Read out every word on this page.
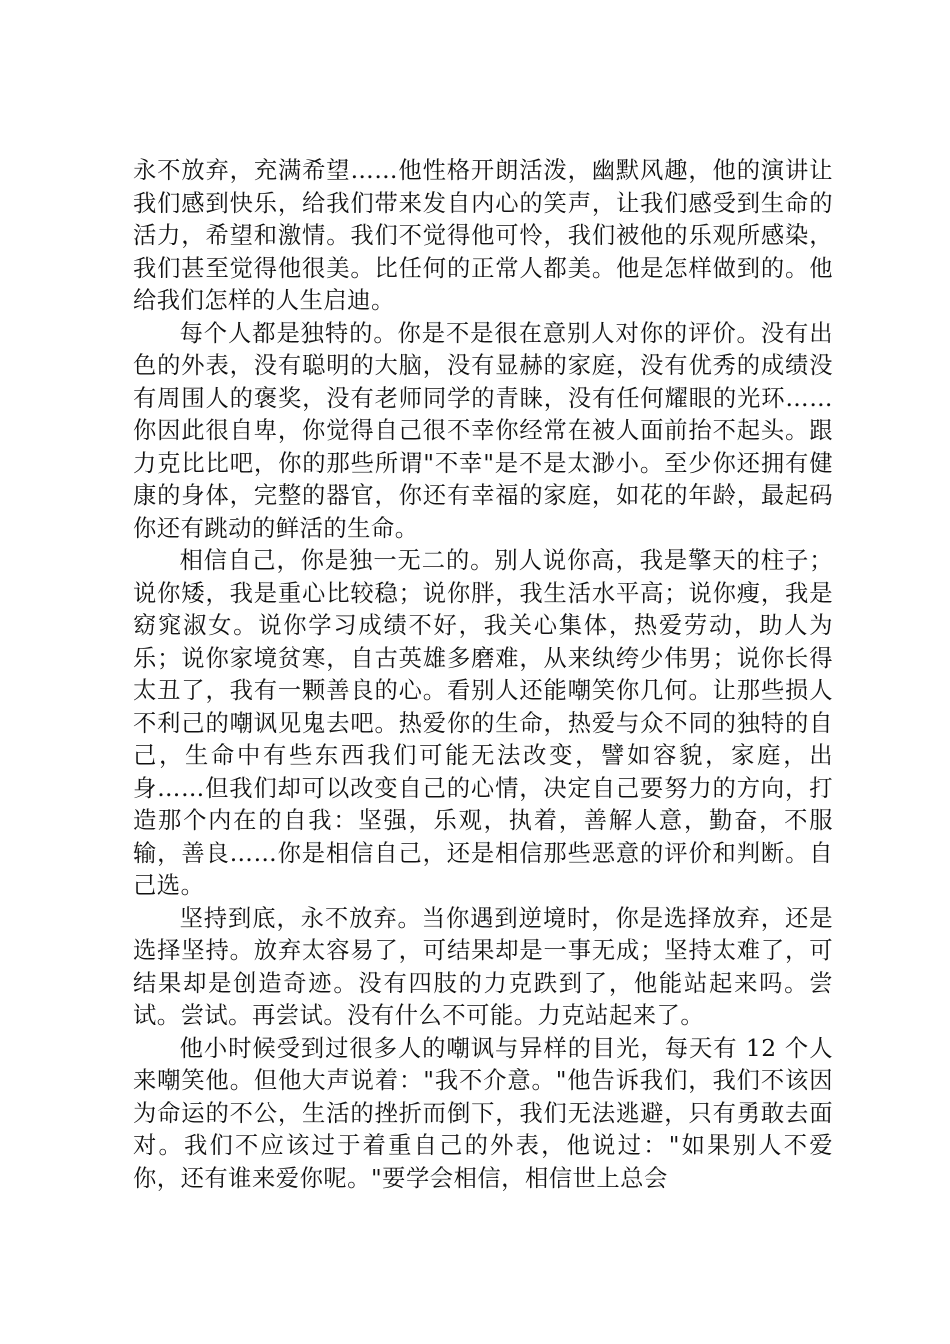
永不放弃，充满希望……他性格开朗活泼，幽默风趣，他的演讲让我们感到快乐，给我们带来发自内心的笑声，让我们感受到生命的活力，希望和激情。我们不觉得他可怜，我们被他的乐观所感染，我们甚至觉得他很美。比任何的正常人都美。他是怎样做到的。他给我们怎样的人生启迪。

每个人都是独特的。你是不是很在意别人对你的评价。没有出色的外表，没有聪明的大脑，没有显赫的家庭，没有优秀的成绩没有周围人的褒奖，没有老师同学的青睐，没有任何耀眼的光环……你因此很自卑，你觉得自己很不幸你经常在被人面前抬不起头。跟力克比比吧，你的那些所谓"不幸"是不是太渺小。至少你还拥有健康的身体，完整的器官，你还有幸福的家庭，如花的年龄，最起码你还有跳动的鲜活的生命。

相信自己，你是独一无二的。别人说你高，我是擎天的柱子；说你矮，我是重心比较稳；说你胖，我生活水平高；说你瘦，我是窈窕淑女。说你学习成绩不好，我关心集体，热爱劳动，助人为乐；说你家境贫寒，自古英雄多磨难，从来纨绔少伟男；说你长得太丑了，我有一颗善良的心。看别人还能嘲笑你几何。让那些损人不利己的嘲讽见鬼去吧。热爱你的生命，热爱与众不同的独特的自己，生命中有些东西我们可能无法改变，譬如容貌，家庭，出身……但我们却可以改变自己的心情，决定自己要努力的方向，打造那个内在的自我：坚强，乐观，执着，善解人意，勤奋，不服输，善良……你是相信自己，还是相信那些恶意的评价和判断。自己选。

坚持到底，永不放弃。当你遇到逆境时，你是选择放弃，还是选择坚持。放弃太容易了，可结果却是一事无成；坚持太难了，可结果却是创造奇迹。没有四肢的力克跌到了，他能站起来吗。尝试。尝试。再尝试。没有什么不可能。力克站起来了。

他小时候受到过很多人的嘲讽与异样的目光，每天有 12 个人来嘲笑他。但他大声说着："我不介意。"他告诉我们，我们不该因为命运的不公，生活的挫折而倒下，我们无法逃避，只有勇敢去面对。我们不应该过于着重自己的外表，他说过："如果别人不爱你，还有谁来爱你呢。"要学会相信，相信世上总会
